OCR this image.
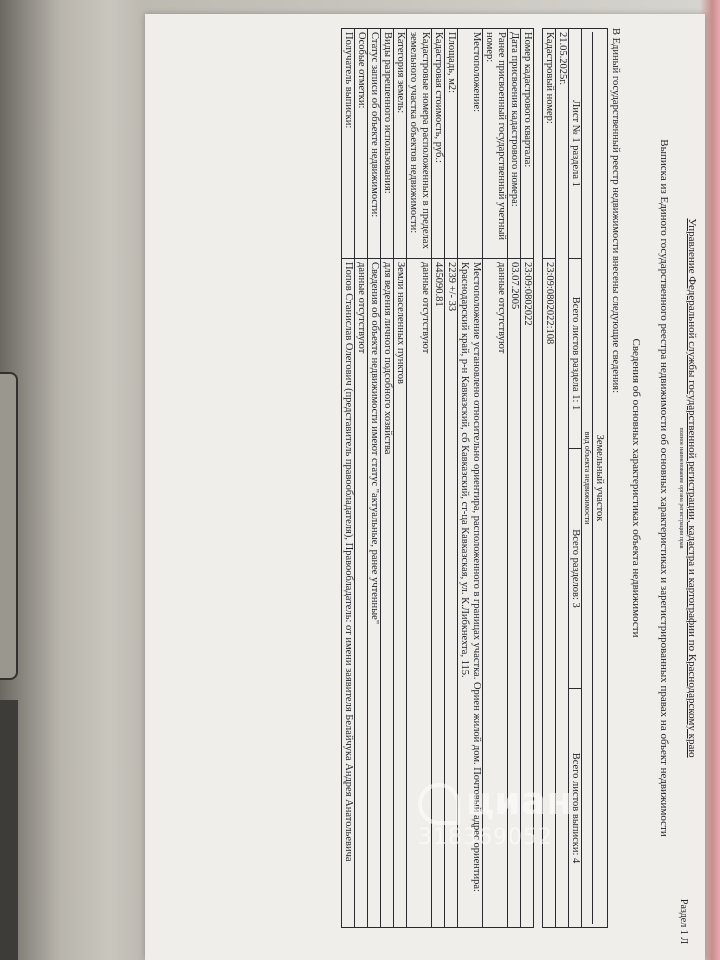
Раздел 1 Л
Управление Федеральной службы государственной регистрации, кадастра и картографии по Краснодарскому краю
полное наименование органа регистрации прав
Выписка из Единого государственного реестра недвижимости об основных характеристиках и зарегистрированных правах на объект недвижимости
Сведения об основных характеристиках объекта недвижимости
В Единый государственный реестр недвижимости внесены следующие сведения:
Земельный участок
вид объекта недвижимости			

Лист № 1 раздела 1	Всего листов раздела 1: 1	Всего разделов: 3	Всего листов выписки: 4
21.05.2025г.			
Кадастровый номер:	23:09:0802022:108		

Номер кадастрового квартала:	23:09:0802022		
Дата присвоения кадастрового номера:	03.07.2005		
Ранее присвоенный государственный учетный номер:	данные отсутствуют		
Местоположение:	Местоположение установлено относительно ориентира, расположенного в границах участка. Ориен жилой дом. Почтовый адрес ориентира: Краснодарский край, р-н Кавказский, сб Кавказский, ст-ца Кавказская, ул. К.Либкнехта, 115.		
Площадь, м2:	2239 +/- 33		
Кадастровая стоимость, руб.:	445090.81		
Кадастровые номера расположенных в пределах земельного участка объектов недвижимости:	данные отсутствуют		
Категория земель:	Земли населенных пунктов		
Виды разрешенного использования:	для ведения личного подсобного хозяйства		
Статус записи об объекте недвижимости:	Сведения об объекте недвижимости имеют статус "актуальные, ранее учтенные"		
Особые отметки:	данные отсутствуют		
Получатель выписки:	Попов Станислав Олегович (представитель правообладателя), Правообладатель: от имени заявителя Белайчука Андрея Анатольевича			циан
318369052
